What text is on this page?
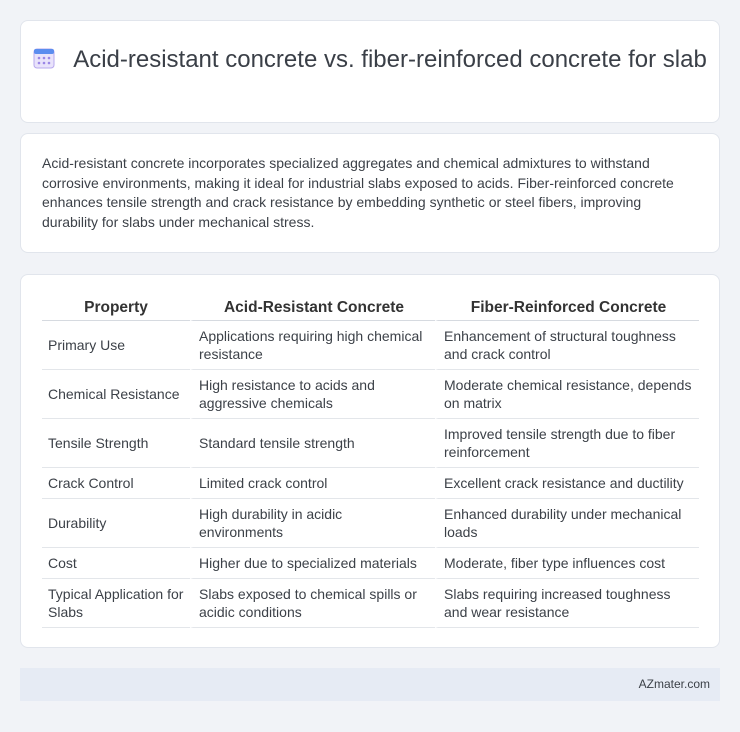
Acid-resistant concrete vs. fiber-reinforced concrete for slab

Acid-resistant concrete incorporates specialized aggregates and chemical admixtures to withstand corrosive environments, making it ideal for industrial slabs exposed to acids. Fiber-reinforced concrete enhances tensile strength and crack resistance by embedding synthetic or steel fibers, improving durability for slabs under mechanical stress.

Property	Acid-Resistant Concrete	Fiber-Reinforced Concrete
Primary Use	Applications requiring high chemical resistance	Enhancement of structural toughness and crack control
Chemical Resistance	High resistance to acids and aggressive chemicals	Moderate chemical resistance, depends on matrix
Tensile Strength	Standard tensile strength	Improved tensile strength due to fiber reinforcement
Crack Control	Limited crack control	Excellent crack resistance and ductility
Durability	High durability in acidic environments	Enhanced durability under mechanical loads
Cost	Higher due to specialized materials	Moderate, fiber type influences cost
Typical Application for Slabs	Slabs exposed to chemical spills or acidic conditions	Slabs requiring increased toughness and wear resistance
AZmater.com
